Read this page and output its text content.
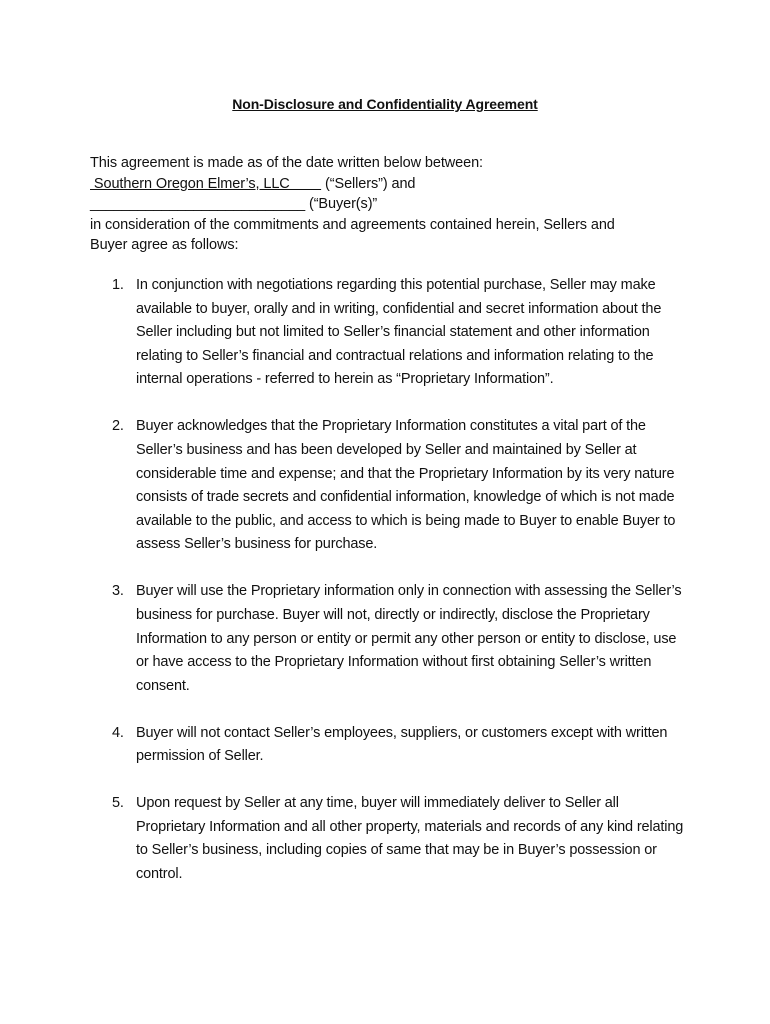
Non-Disclosure and Confidentiality Agreement
This agreement is made as of the date written below between:
Southern Oregon Elmer’s, LLC         (“Sellers”) and
___________________________ (“Buyer(s)”
in consideration of the commitments and agreements contained herein, Sellers and
Buyer agree as follows:
1. In conjunction with negotiations regarding this potential purchase, Seller may make available to buyer, orally and in writing, confidential and secret information about the Seller including but not limited to Seller’s financial statement and other information relating to Seller’s financial and contractual relations and information relating to the internal operations - referred to herein as “Proprietary Information”.
2. Buyer acknowledges that the Proprietary Information constitutes a vital part of the Seller’s business and has been developed by Seller and maintained by Seller at considerable time and expense; and that the Proprietary Information by its very nature consists of trade secrets and confidential information, knowledge of which is not made available to the public, and access to which is being made to Buyer to enable Buyer to assess Seller’s business for purchase.
3. Buyer will use the Proprietary information only in connection with assessing the Seller’s business for purchase. Buyer will not, directly or indirectly, disclose the Proprietary Information to any person or entity or permit any other person or entity to disclose, use or have access to the Proprietary Information without first obtaining Seller’s written consent.
4. Buyer will not contact Seller’s employees, suppliers, or customers except with written permission of Seller.
5. Upon request by Seller at any time, buyer will immediately deliver to Seller all Proprietary Information and all other property, materials and records of any kind relating to Seller’s business, including copies of same that may be in Buyer’s possession or control.
